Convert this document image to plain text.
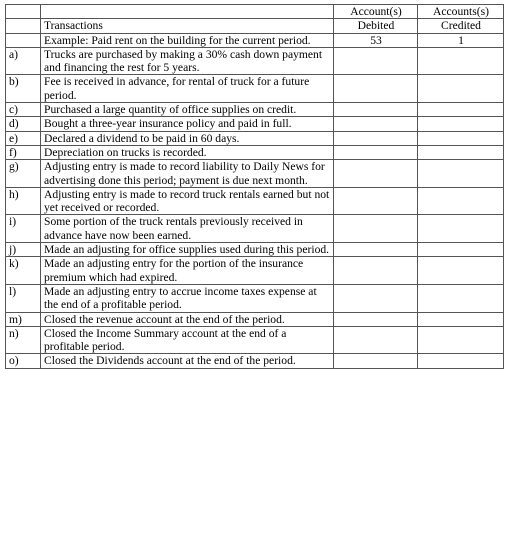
		Account(s)	Accounts(s)
	Transactions	Debited	Credited
	Example: Paid rent on the building for the current period.	53	1
a)	Trucks are purchased by making a 30% cash down payment and financing the rest for 5 years.		
b)	Fee is received in advance, for rental of truck for a future period.		
c)	Purchased a large quantity of office supplies on credit.		
d)	Bought a three-year insurance policy and paid in full.		
e)	Declared a dividend to be paid in 60 days.		
f)	Depreciation on trucks is recorded.		
g)	Adjusting entry is made to record liability to Daily News for advertising done this period; payment is due next month.		
h)	Adjusting entry is made to record truck rentals earned but not yet received or recorded.		
i)	Some portion of the truck rentals previously received in advance have now been earned.		
j)	Made an adjusting for office supplies used during this period.		
k)	Made an adjusting entry for the portion of the insurance premium which had expired.		
l)	Made an adjusting entry to accrue income taxes expense at the end of a profitable period.		
m)	Closed the revenue account at the end of the period.		
n)	Closed the Income Summary account at the end of a profitable period.		
o)	Closed the Dividends account at the end of the period.		
